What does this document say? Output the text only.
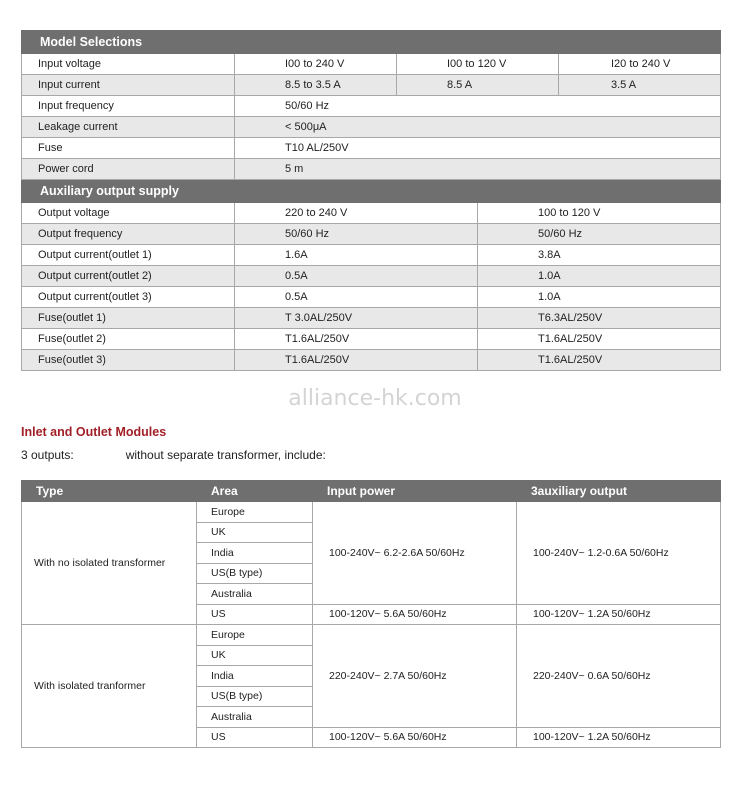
Model Selections				
Input voltage	I00 to 240 V	I00 to 120 V		I20 to 240 V
Input current	8.5 to 3.5 A	8.5 A		3.5 A
Input frequency	50/60 Hz			
Leakage current	< 500μA			
Fuse	T10 AL/250V			
Power cord	5 m			
Auxiliary output supply				
Output voltage	220 to 240 V		100 to 120 V	
Output frequency	50/60 Hz		50/60 Hz	
Output current(outlet 1)	1.6A		3.8A	
Output current(outlet 2)	0.5A		1.0A	
Output current(outlet 3)	0.5A		1.0A	
Fuse(outlet 1)	T 3.0AL/250V		T6.3AL/250V	
Fuse(outlet 2)	T1.6AL/250V		T1.6AL/250V	
Fuse(outlet 3)	T1.6AL/250V		T1.6AL/250V	
alliance-hk.com
Inlet and Outlet Modules
3 outputs:	without separate transformer, include:
Type	Area	Input power	3auxiliary output
With no isolated transformer	Europe	100-240V~ 6.2-2.6A 50/60Hz	100-240V~ 1.2-0.6A 50/60Hz
	UK		
	India		
	US(B type)		
	Australia		
	US	100-120V~ 5.6A 50/60Hz	100-120V~ 1.2A 50/60Hz
With isolated tranformer	Europe	220-240V~ 2.7A 50/60Hz	220-240V~ 0.6A 50/60Hz
	UK		
	India		
	US(B type)		
	Australia		
	US	100-120V~ 5.6A 50/60Hz	100-120V~ 1.2A 50/60Hz
